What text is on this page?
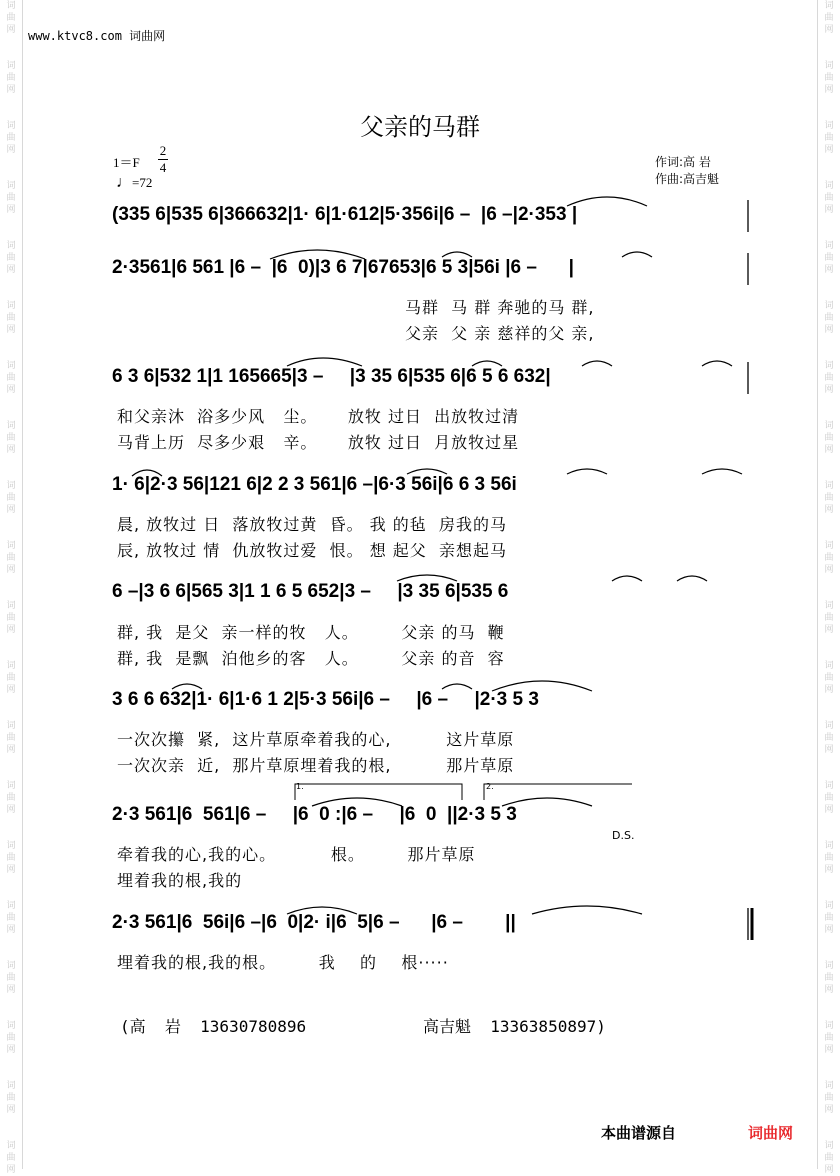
词曲网
词曲网
词曲网
词曲网
词曲网
词曲网
词曲网
词曲网
词曲网
词曲网
词曲网
词曲网
词曲网
词曲网
词曲网
词曲网
词曲网
词曲网
词曲网
词曲网
词曲网
词曲网
词曲网
词曲网
词曲网
词曲网
词曲网
词曲网
词曲网
词曲网
词曲网
词曲网
词曲网
词曲网
词曲网
词曲网
词曲网
词曲网
词曲网
词曲网
www.ktvc8.com 词曲网
父亲的马群
1＝F
2
4
♩=72
作词:高 岩
作曲:高吉魁
(335 6|535 6|366632|1· 6|1·612|5·356i|6 –  |6 –|2·353 |
2·3561|6 561 |6 –  |6  0)|3 6 7|67653|6 5 3|56i |6 –      |
马群  马 群 奔驰的马 群,
父亲  父 亲 慈祥的父 亲,
6 3 6|532 1|1 165665|3 –     |3 35 6|535 6|6 5 6 632|
和父亲沐  浴多少风   尘。     放牧 过日  出放牧过清
马背上历  尽多少艰   辛。     放牧 过日  月放牧过星
1· 6|2·3 56|121 6|2 2 3 561|6 –|6·3 56i|6 6 3 56i
晨, 放牧过 日  落放牧过黄  昏。 我 的毡  房我的马
辰, 放牧过 情  仇放牧过爱  恨。 想 起父  亲想起马
6 –|3 6 6|565 3|1 1 6 5 652|3 –     |3 35 6|535 6
群, 我  是父  亲一样的牧   人。       父亲 的马  鞭
群, 我  是飘  泊他乡的客   人。       父亲 的音  容
3 6 6 632|1· 6|1·6 1 2|5·3 56i|6 –     |6 –     |2·3 5 3
一次次攥  紧,  这片草原牵着我的心,         这片草原
一次次亲  近,  那片草原埋着我的根,         那片草原
1.	2.
2·3 561|6  561|6 –     |6  0 :|6 –     |6  0  ||2·3 5 3
D.S.
牵着我的心,我的心。         根。       那片草原
埋着我的根,我的
2·3 561|6  56i|6 –|6  0|2· i|6  5|6 –      |6 –        ||
埋着我的根,我的根。       我    的    根·····
(高  岩  13630780896	高吉魁  13363850897)
本曲谱源自	词曲网
